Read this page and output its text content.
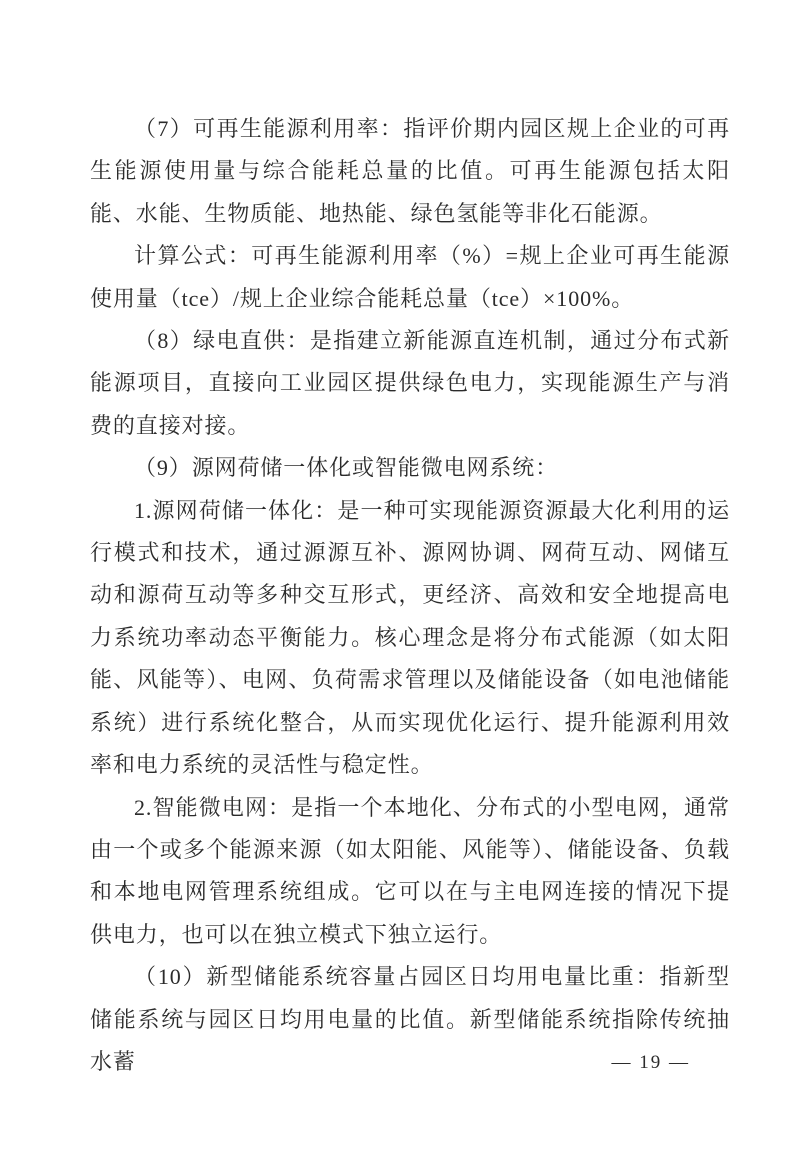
（7）可再生能源利用率：指评价期内园区规上企业的可再生能源使用量与综合能耗总量的比值。可再生能源包括太阳能、水能、生物质能、地热能、绿色氢能等非化石能源。

计算公式：可再生能源利用率（%）=规上企业可再生能源使用量（tce）/规上企业综合能耗总量（tce）×100%。

（8）绿电直供：是指建立新能源直连机制，通过分布式新能源项目，直接向工业园区提供绿色电力，实现能源生产与消费的直接对接。

（9）源网荷储一体化或智能微电网系统：

1.源网荷储一体化：是一种可实现能源资源最大化利用的运行模式和技术，通过源源互补、源网协调、网荷互动、网储互动和源荷互动等多种交互形式，更经济、高效和安全地提高电力系统功率动态平衡能力。核心理念是将分布式能源（如太阳能、风能等）、电网、负荷需求管理以及储能设备（如电池储能系统）进行系统化整合，从而实现优化运行、提升能源利用效率和电力系统的灵活性与稳定性。

2.智能微电网：是指一个本地化、分布式的小型电网，通常由一个或多个能源来源（如太阳能、风能等）、储能设备、负载和本地电网管理系统组成。它可以在与主电网连接的情况下提供电力，也可以在独立模式下独立运行。

（10）新型储能系统容量占园区日均用电量比重：指新型储能系统与园区日均用电量的比值。新型储能系统指除传统抽水蓄	— 19 —
